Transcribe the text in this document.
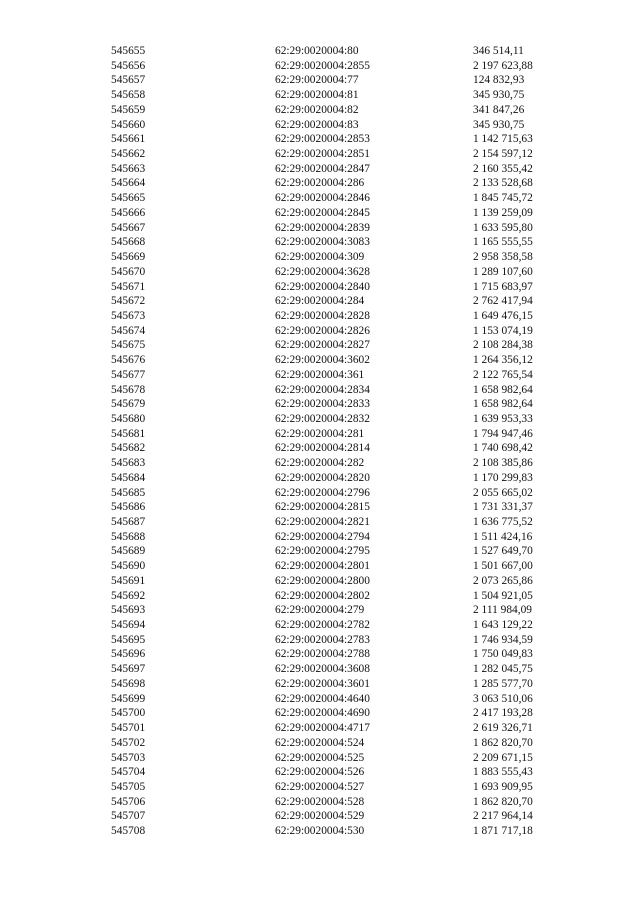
545655	62:29:0020004:80	346 514,11
545656	62:29:0020004:2855	2 197 623,88
545657	62:29:0020004:77	124 832,93
545658	62:29:0020004:81	345 930,75
545659	62:29:0020004:82	341 847,26
545660	62:29:0020004:83	345 930,75
545661	62:29:0020004:2853	1 142 715,63
545662	62:29:0020004:2851	2 154 597,12
545663	62:29:0020004:2847	2 160 355,42
545664	62:29:0020004:286	2 133 528,68
545665	62:29:0020004:2846	1 845 745,72
545666	62:29:0020004:2845	1 139 259,09
545667	62:29:0020004:2839	1 633 595,80
545668	62:29:0020004:3083	1 165 555,55
545669	62:29:0020004:309	2 958 358,58
545670	62:29:0020004:3628	1 289 107,60
545671	62:29:0020004:2840	1 715 683,97
545672	62:29:0020004:284	2 762 417,94
545673	62:29:0020004:2828	1 649 476,15
545674	62:29:0020004:2826	1 153 074,19
545675	62:29:0020004:2827	2 108 284,38
545676	62:29:0020004:3602	1 264 356,12
545677	62:29:0020004:361	2 122 765,54
545678	62:29:0020004:2834	1 658 982,64
545679	62:29:0020004:2833	1 658 982,64
545680	62:29:0020004:2832	1 639 953,33
545681	62:29:0020004:281	1 794 947,46
545682	62:29:0020004:2814	1 740 698,42
545683	62:29:0020004:282	2 108 385,86
545684	62:29:0020004:2820	1 170 299,83
545685	62:29:0020004:2796	2 055 665,02
545686	62:29:0020004:2815	1 731 331,37
545687	62:29:0020004:2821	1 636 775,52
545688	62:29:0020004:2794	1 511 424,16
545689	62:29:0020004:2795	1 527 649,70
545690	62:29:0020004:2801	1 501 667,00
545691	62:29:0020004:2800	2 073 265,86
545692	62:29:0020004:2802	1 504 921,05
545693	62:29:0020004:279	2 111 984,09
545694	62:29:0020004:2782	1 643 129,22
545695	62:29:0020004:2783	1 746 934,59
545696	62:29:0020004:2788	1 750 049,83
545697	62:29:0020004:3608	1 282 045,75
545698	62:29:0020004:3601	1 285 577,70
545699	62:29:0020004:4640	3 063 510,06
545700	62:29:0020004:4690	2 417 193,28
545701	62:29:0020004:4717	2 619 326,71
545702	62:29:0020004:524	1 862 820,70
545703	62:29:0020004:525	2 209 671,15
545704	62:29:0020004:526	1 883 555,43
545705	62:29:0020004:527	1 693 909,95
545706	62:29:0020004:528	1 862 820,70
545707	62:29:0020004:529	2 217 964,14
545708	62:29:0020004:530	1 871 717,18
